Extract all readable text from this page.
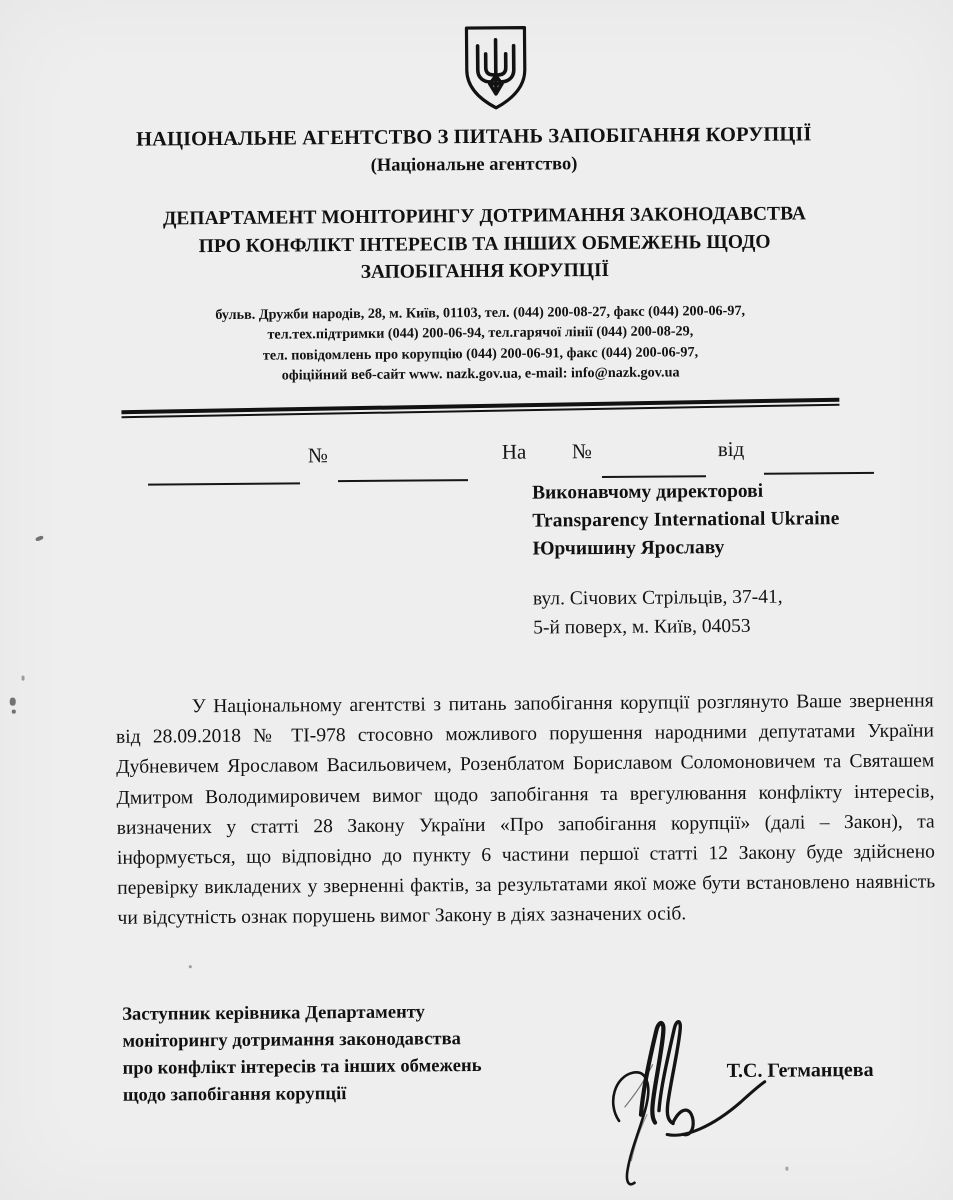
НАЦІОНАЛЬНЕ АГЕНТСТВО З ПИТАНЬ ЗАПОБІГАННЯ КОРУПЦІЇ
(Національне агентство)
ДЕПАРТАМЕНТ МОНІТОРИНГУ ДОТРИМАННЯ ЗАКОНОДАВСТВА
ПРО КОНФЛІКТ ІНТЕРЕСІВ ТА ІНШИХ ОБМЕЖЕНЬ ЩОДО
ЗАПОБІГАННЯ КОРУПЦІЇ
бульв. Дружби народів, 28, м. Київ, 01103, тел. (044) 200-08-27, факс (044) 200-06-97,
тел.тех.підтримки (044) 200-06-94, тел.гарячої лінії (044) 200-08-29,
тел. повідомлень про корупцію (044) 200-06-91, факс (044) 200-06-97,
офіційний веб-сайт www. nazk.gov.ua, e-mail: info@nazk.gov.ua

№
	На №
	від

Виконавчому директорові
Transparency International Ukraine
Юрчишину Ярославу
вул. Січових Стрільців, 37-41,
5-й поверх, м. Київ, 04053

У Національному агентстві з питань запобігання корупції розглянуто Ваше звернення від 28.09.2018 № ТІ-978 стосовно можливого порушення народними депутатами України Дубневичем Ярославом Васильовичем, Розенблатом Бориславом Соломоновичем та Святашем Дмитром Володимировичем вимог щодо запобігання та врегулювання конфлікту інтересів, визначених у статті 28 Закону України «Про запобігання корупції» (далі – Закон), та інформується, що відповідно до пункту 6 частини першої статті 12 Закону буде здійснено перевірку викладених у зверненні фактів, за результатами якої може бути встановлено наявність чи відсутність ознак порушень вимог Закону в діях зазначених осіб.

Заступник керівника Департаменту
моніторингу дотримання законодавства
про конфлікт інтересів та інших обмежень
щодо запобігання корупції
Т.С. Гетманцева
